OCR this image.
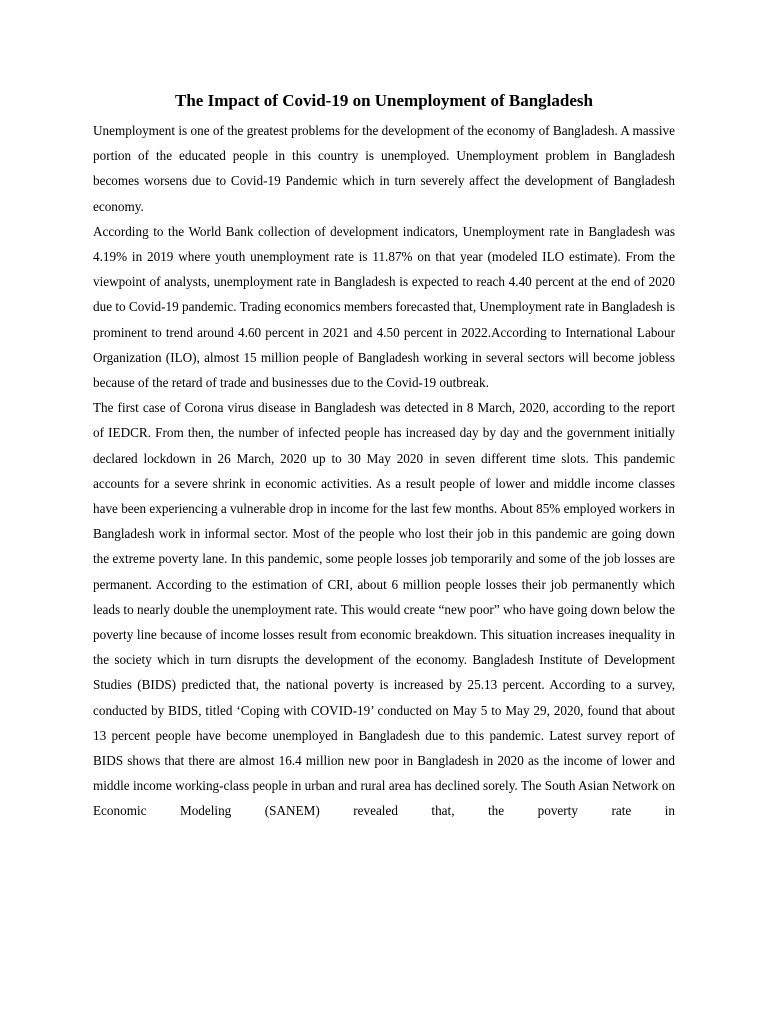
The Impact of Covid-19 on Unemployment of Bangladesh

Unemployment is one of the greatest problems for the development of the economy of Bangladesh. A massive portion of the educated people in this country is unemployed. Unemployment problem in Bangladesh becomes worsens due to Covid-19 Pandemic which in turn severely affect the development of Bangladesh economy.

According to the World Bank collection of development indicators, Unemployment rate in Bangladesh was 4.19% in 2019 where youth unemployment rate is 11.87% on that year (modeled ILO estimate). From the viewpoint of analysts, unemployment rate in Bangladesh is expected to reach 4.40 percent at the end of 2020 due to Covid-19 pandemic. Trading economics members forecasted that, Unemployment rate in Bangladesh is prominent to trend around 4.60 percent in 2021 and 4.50 percent in 2022.According to International Labour Organization (ILO), almost 15 million people of Bangladesh working in several sectors will become jobless because of the retard of trade and businesses due to the Covid-19 outbreak.

The first case of Corona virus disease in Bangladesh was detected in 8 March, 2020, according to the report of IEDCR. From then, the number of infected people has increased day by day and the government initially declared lockdown in 26 March, 2020 up to 30 May 2020 in seven different time slots. This pandemic accounts for a severe shrink in economic activities. As a result people of lower and middle income classes have been experiencing a vulnerable drop in income for the last few months. About 85% employed workers in Bangladesh work in informal sector. Most of the people who lost their job in this pandemic are going down the extreme poverty lane. In this pandemic, some people losses job temporarily and some of the job losses are permanent. According to the estimation of CRI, about 6 million people losses their job permanently which leads to nearly double the unemployment rate. This would create “new poor” who have going down below the poverty line because of income losses result from economic breakdown. This situation increases inequality in the society which in turn disrupts the development of the economy. Bangladesh Institute of Development Studies (BIDS) predicted that, the national poverty is increased by 25.13 percent. According to a survey, conducted by BIDS, titled ‘Coping with COVID-19’ conducted on May 5 to May 29, 2020, found that about 13 percent people have become unemployed in Bangladesh due to this pandemic. Latest survey report of BIDS shows that there are almost 16.4 million new poor in Bangladesh in 2020 as the income of lower and middle income working-class people in urban and rural area has declined sorely. The South Asian Network on Economic Modeling (SANEM) revealed that, the poverty rate in
